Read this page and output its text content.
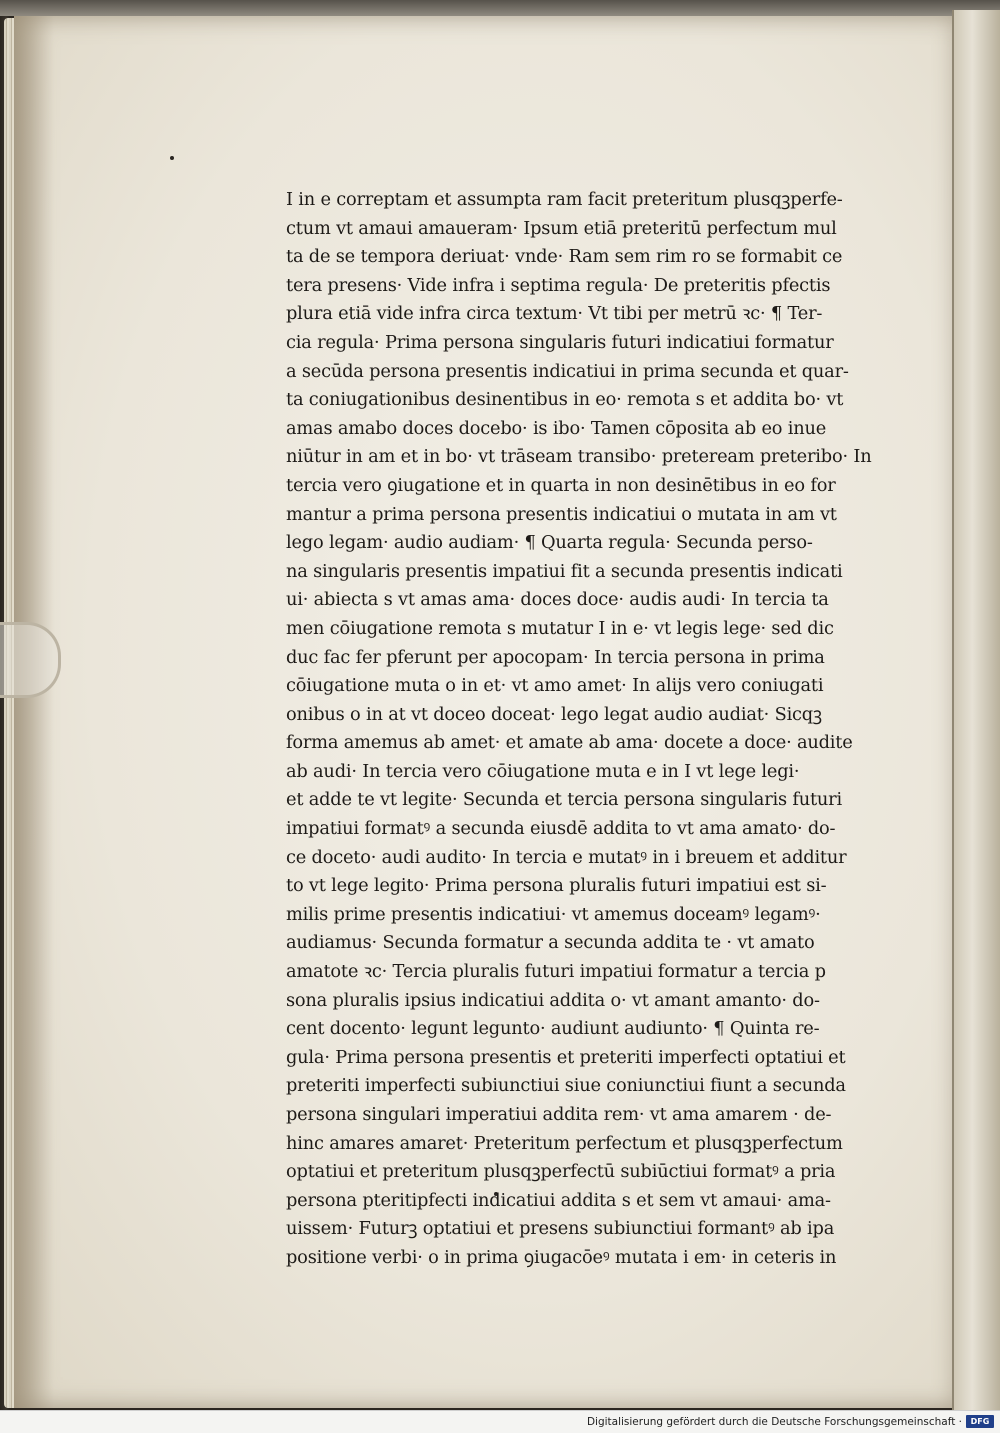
I in e correptam et assumpta ram facit preteritum plusqꝫperfe-
ctum vt amaui amaueram· Ipsum etiā preteritū perfectum mul
ta de se tempora deriuat· vnde· Ram sem rim ro se formabit ce
tera presens· Vide infra i septima regula· De preteritis pfectis
plura etiā vide infra circa textum· Vt tibi per metrū ꝛc· ¶ Ter-
cia regula· Prima persona singularis futuri indicatiui formatur
a secūda persona presentis indicatiui in prima secunda et quar-
ta coniugationibus desinentibus in eo· remota s et addita bo· vt
amas amabo doces docebo· is ibo· Tamen cōposita ab eo inue
niūtur in am et in bo· vt trāseam transibo· preteream preteribo· In
tercia vero ꝯiugatione et in quarta in non desinētibus in eo for
mantur a prima persona presentis indicatiui o mutata in am vt
lego legam· audio audiam· ¶ Quarta regula· Secunda perso-
na singularis presentis impatiui fit a secunda presentis indicati
ui· abiecta s vt amas ama· doces doce· audis audi· In tercia ta
men cōiugatione remota s mutatur I in e· vt legis lege· sed dic
duc fac fer pferunt per apocopam· In tercia persona in prima
cōiugatione muta o in et· vt amo amet· In alijs vero coniugati
onibus o in at vt doceo doceat· lego legat audio audiat· Sicqꝫ
forma amemus ab amet· et amate ab ama· docete a doce· audite
ab audi· In tercia vero cōiugatione muta e in I vt lege legi·
et adde te vt legite· Secunda et tercia persona singularis futuri
impatiui formatꝰ a secunda eiusdē addita to vt ama amato· do-
ce doceto· audi audito· In tercia e mutatꝰ in i breuem et additur
to vt lege legito· Prima persona pluralis futuri impatiui est si-
milis prime presentis indicatiui· vt amemus doceamꝰ legamꝰ·
audiamus· Secunda formatur a secunda addita te · vt amato
amatote ꝛc· Tercia pluralis futuri impatiui formatur a tercia p
sona pluralis ipsius indicatiui addita o· vt amant amanto· do-
cent docento· legunt legunto· audiunt audiunto· ¶ Quinta re-
gula· Prima persona presentis et preteriti imperfecti optatiui et
preteriti imperfecti subiunctiui siue coniunctiui fiunt a secunda
persona singulari imperatiui addita rem· vt ama amarem · de-
hinc amares amaret· Preteritum perfectum et plusqꝫperfectum
optatiui et preteritum plusqꝫperfectū subiūctiui formatꝰ a pria
persona pteritipfecti indicatiui addita s et sem vt amaui· ama-
uissem· Futurꝫ optatiui et presens subiunctiui formantꝰ ab ipa
positione verbi· o in prima ꝯiugacōeꝰ mutata i em· in ceteris in
Digitalisierung gefördert durch die Deutsche Forschungsgemeinschaft ·	DFG
